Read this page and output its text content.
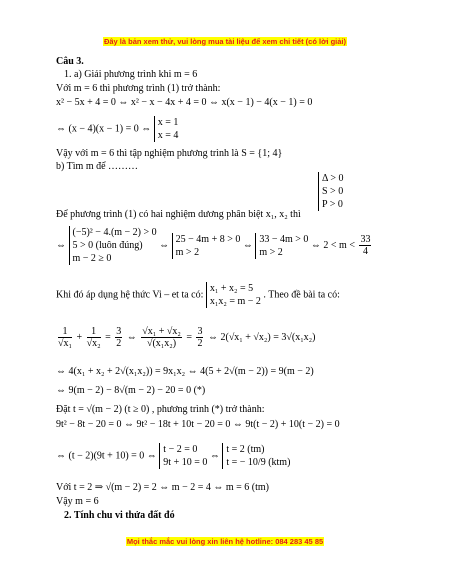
Đây là bản xem thử, vui lòng mua tài liệu để xem chi tiết (có lời giải)
Câu 3.
1. a) Giải phương trình khi m = 6
Với m = 6 thì phương trình (1) trở thành:
x² − 5x + 4 = 0 ⇔ x² − x − 4x + 4 = 0 ⇔ x(x − 1) − 4(x − 1) = 0
⇔ (x − 4)(x − 1) = 0 ⇔
x = 1
x = 4
Vậy với m = 6 thì tập nghiệm phương trình là S = {1; 4}
b) Tìm m để ………
Δ > 0
S > 0
P > 0
Để phương trình (1) có hai nghiệm dương phân biệt x₁, x₂ thì
⇔
(−5)² − 4.(m − 2) > 0
5 > 0 (luôn đúng)
m − 2 ≥ 0
⇔
25 − 4m + 8 > 0
m > 2
⇔
33 − 4m > 0
m > 2
⇔ $2 < m < \frac{33}{4}$
Khi đó áp dụng hệ thức Vi – et ta có:
x₁ + x₂ = 5
x₁x₂ = m − 2
. Theo đề bài ta có:
$\frac{1}{\text{√x₁}} + \frac{1}{\text{√x₂}} = \frac{3}{2}$ ⇔ $\frac{\text{√x₁ + √x₂}}{\text{√(x₁x₂)}} = \frac{3}{2}$ ⇔ 2(√x₁ + √x₂) = 3√(x₁x₂)
⇔ 4(x₁ + x₂ + 2√(x₁x₂)) = 9x₁x₂ ⇔ 4(5 + 2√(m − 2)) = 9(m − 2)
⇔ 9(m − 2) − 8√(m − 2) − 20 = 0 (*)
Đặt t = √(m − 2) (t ≥ 0) , phương trình (*) trở thành:
9t² − 8t − 20 = 0 ⇔ 9t² − 18t + 10t − 20 = 0 ⇔ 9t(t − 2) + 10(t − 2) = 0
⇔ (t − 2)(9t + 10) = 0 ⇔
t − 2 = 0
9t + 10 = 0
⇔
t = 2 (tm)
t = − 10/9 (ktm)
Với t = 2 ⇒ √(m − 2) = 2 ⇔ m − 2 = 4 ⇔ m = 6 (tm)
Vậy m = 6
2. Tính chu vi thửa đất đó
Mọi thắc mắc vui lòng xin liên hệ hotline: 084 283 45 85
